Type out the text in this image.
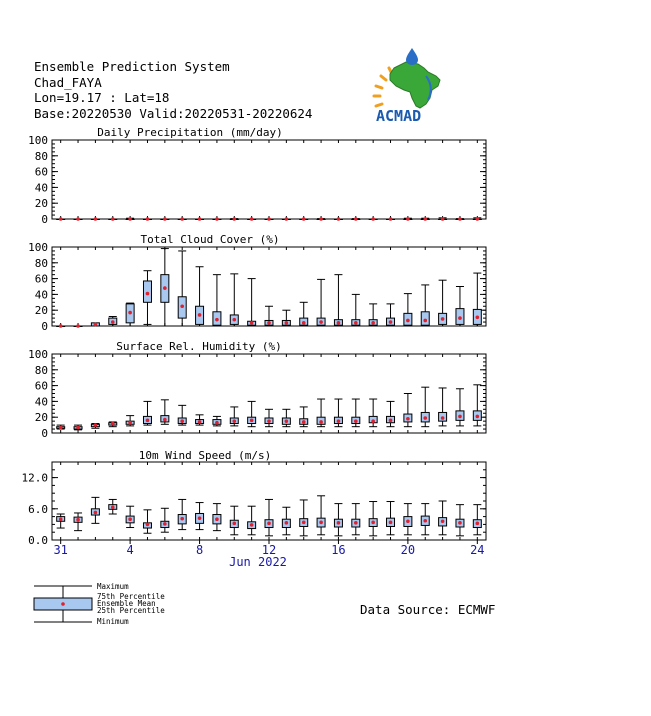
Ensemble Prediction System
Chad_FAYA
Lon=19.17 : Lat=18
Base:20220530 Valid:20220531-20220624	ACMAD
Daily Precipitation (mm/day)
0
20
40
60
80
100
Total Cloud Cover (%)
0
20
40
60
80
100
Surface Rel. Humidity (%)
0
20
40
60
80
100
10m Wind Speed (m/s)
Jun 2022
0.0
6.0
12.0
31	4	8	12	16	20	24
Maximum
75th Percentile
Ensemble Mean
25th Percentile
Minimum
Data Source: ECMWF
